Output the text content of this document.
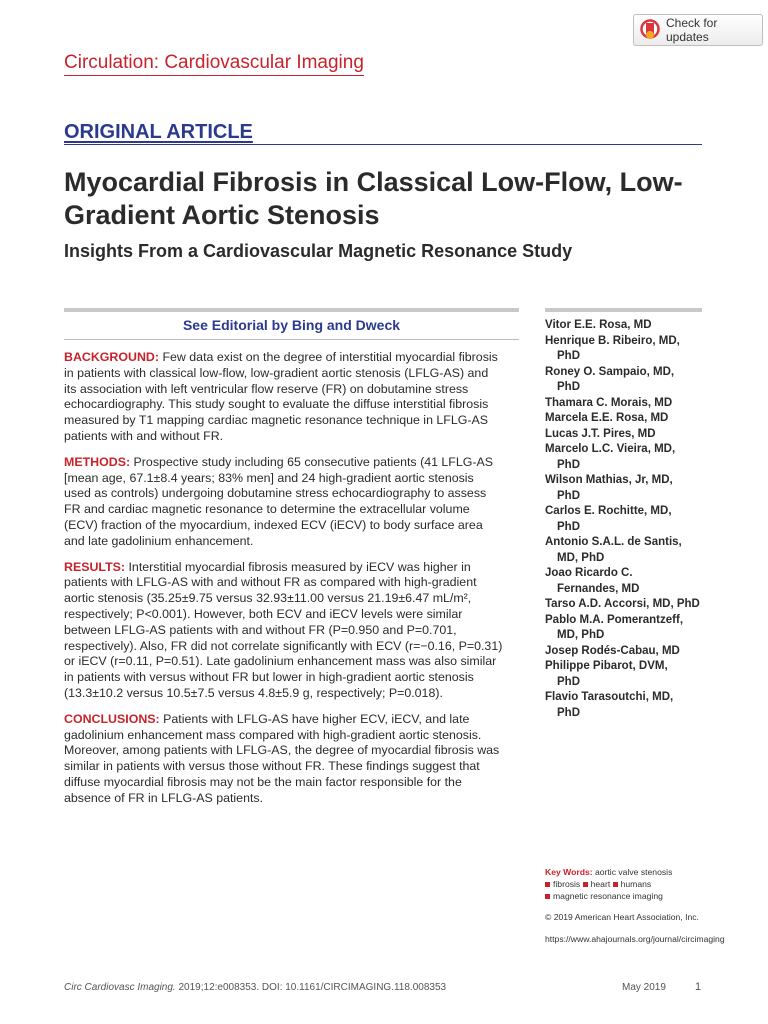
Check for updates
Circulation: Cardiovascular Imaging
ORIGINAL ARTICLE
Myocardial Fibrosis in Classical Low-Flow, Low-Gradient Aortic Stenosis
Insights From a Cardiovascular Magnetic Resonance Study
See Editorial by Bing and Dweck

BACKGROUND: Few data exist on the degree of interstitial myocardial fibrosis in patients with classical low-flow, low-gradient aortic stenosis (LFLG-AS) and its association with left ventricular flow reserve (FR) on dobutamine stress echocardiography. This study sought to evaluate the diffuse interstitial fibrosis measured by T1 mapping cardiac magnetic resonance technique in LFLG-AS patients with and without FR.

METHODS: Prospective study including 65 consecutive patients (41 LFLG-AS [mean age, 67.1±8.4 years; 83% men] and 24 high-gradient aortic stenosis used as controls) undergoing dobutamine stress echocardiography to assess FR and cardiac magnetic resonance to determine the extracellular volume (ECV) fraction of the myocardium, indexed ECV (iECV) to body surface area and late gadolinium enhancement.

RESULTS: Interstitial myocardial fibrosis measured by iECV was higher in patients with LFLG-AS with and without FR as compared with high-gradient aortic stenosis (35.25±9.75 versus 32.93±11.00 versus 21.19±6.47 mL/m², respectively; P<0.001). However, both ECV and iECV levels were similar between LFLG-AS patients with and without FR (P=0.950 and P=0.701, respectively). Also, FR did not correlate significantly with ECV (r=−0.16, P=0.31) or iECV (r=0.11, P=0.51). Late gadolinium enhancement mass was also similar in patients with versus without FR but lower in high-gradient aortic stenosis (13.3±10.2 versus 10.5±7.5 versus 4.8±5.9 g, respectively; P=0.018).

CONCLUSIONS: Patients with LFLG-AS have higher ECV, iECV, and late gadolinium enhancement mass compared with high-gradient aortic stenosis. Moreover, among patients with LFLG-AS, the degree of myocardial fibrosis was similar in patients with versus those without FR. These findings suggest that diffuse myocardial fibrosis may not be the main factor responsible for the absence of FR in LFLG-AS patients.

Vitor E.E. Rosa, MD
Henrique B. Ribeiro, MD,
PhD
Roney O. Sampaio, MD,
PhD
Thamara C. Morais, MD
Marcela E.E. Rosa, MD
Lucas J.T. Pires, MD
Marcelo L.C. Vieira, MD,
PhD
Wilson Mathias, Jr, MD,
PhD
Carlos E. Rochitte, MD,
PhD
Antonio S.A.L. de Santis,
MD, PhD
Joao Ricardo C.
Fernandes, MD
Tarso A.D. Accorsi, MD, PhD
Pablo M.A. Pomerantzeff,
MD, PhD
Josep Rodés-Cabau, MD
Philippe Pibarot, DVM,
PhD
Flavio Tarasoutchi, MD,
PhD
Key Words: aortic valve stenosis
fibrosis heart humans
magnetic resonance imaging
© 2019 American Heart Association, Inc.
https://www.ahajournals.org/journal/circimaging
Circ Cardiovasc Imaging. 2019;12:e008353. DOI: 10.1161/CIRCIMAGING.118.008353	May 2019	1
